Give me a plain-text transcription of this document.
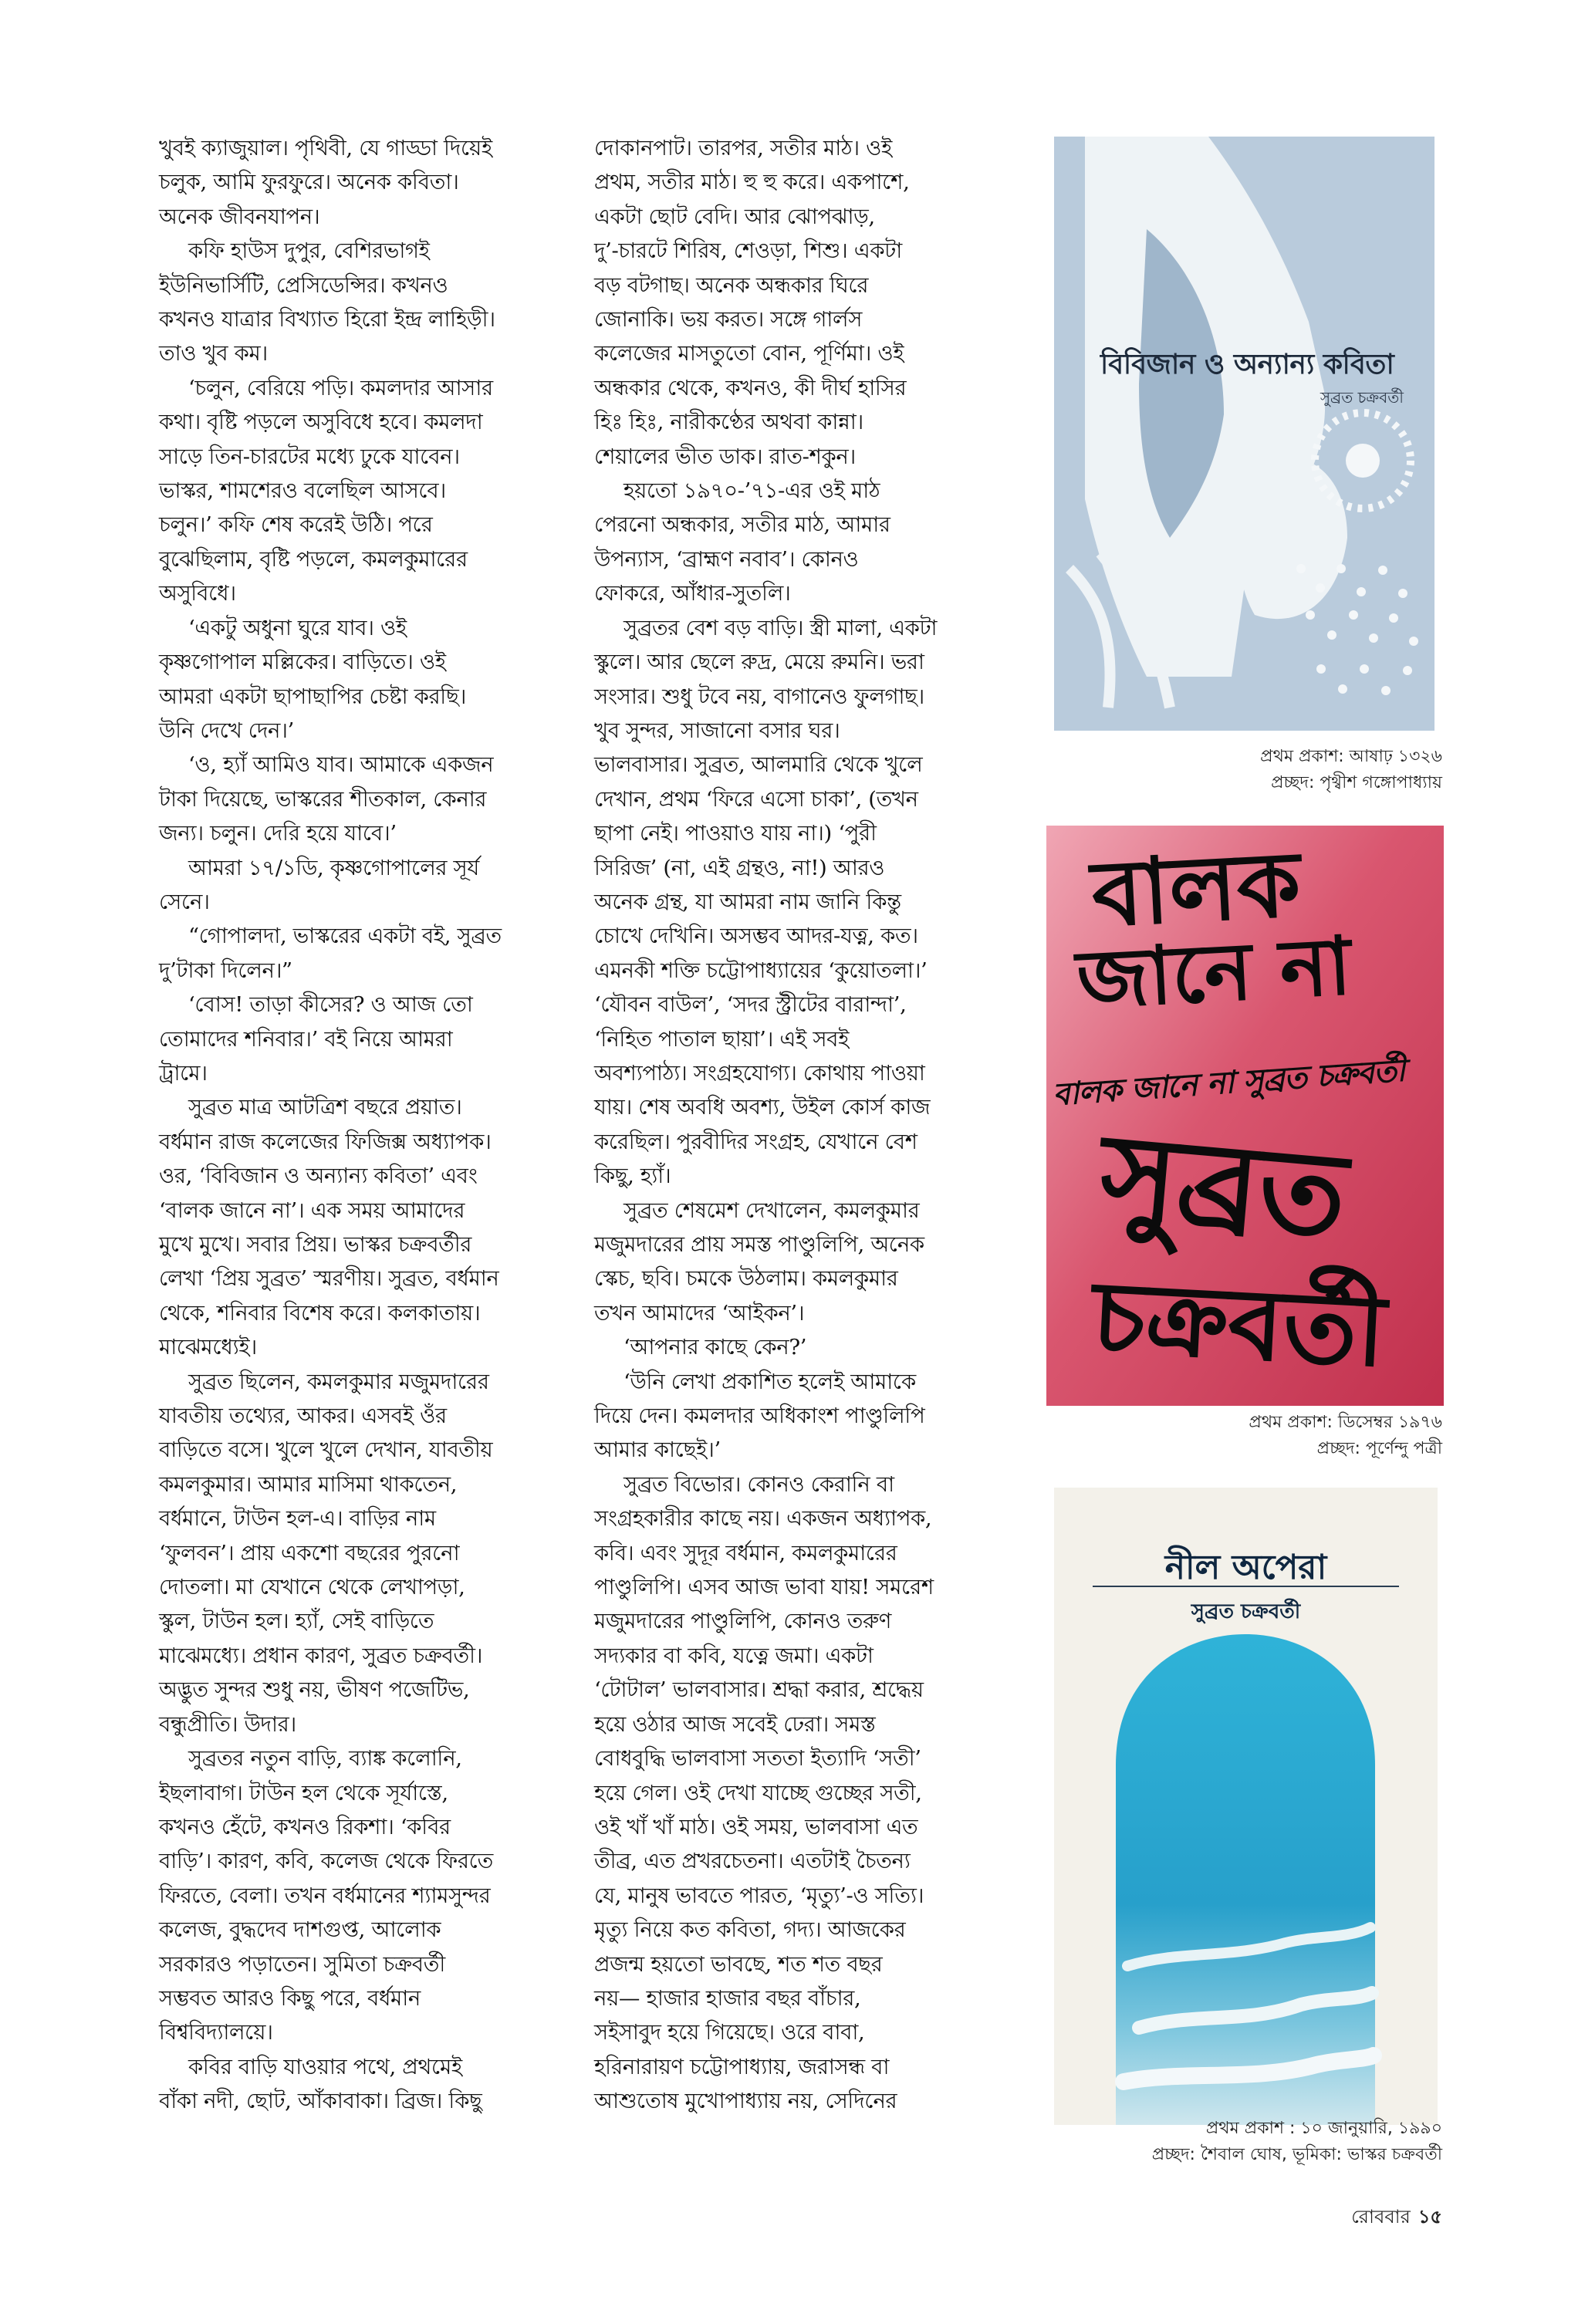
খুবই ক্যাজুয়াল। পৃথিবী, যে গাড্ডা দিয়েই
চলুক, আমি ফুরফুরে। অনেক কবিতা।
অনেক জীবনযাপন।

কফি হাউস দুপুর, বেশিরভাগই
ইউনিভার্সিটি, প্রেসিডেন্সির। কখনও
কখনও যাত্রার বিখ্যাত হিরো ইন্দ্র লাহিড়ী।
তাও খুব কম।

‘চলুন, বেরিয়ে পড়ি। কমলদার আসার
কথা। বৃষ্টি পড়লে অসুবিধে হবে। কমলদা
সাড়ে তিন-চারটের মধ্যে ঢুকে যাবেন।
ভাস্কর, শামশেরও বলেছিল আসবে।
চলুন।’ কফি শেষ করেই উঠি। পরে
বুঝেছিলাম, বৃষ্টি পড়লে, কমলকুমারের
অসুবিধে।

‘একটু অধুনা ঘুরে যাব। ওই
কৃষ্ণগোপাল মল্লিকের। বাড়িতে। ওই
আমরা একটা ছাপাছাপির চেষ্টা করছি।
উনি দেখে দেন।’

‘ও, হ্যাঁ আমিও যাব। আমাকে একজন
টাকা দিয়েছে, ভাস্করের শীতকাল, কেনার
জন্য। চলুন। দেরি হয়ে যাবে।’

আমরা ১৭/১ডি, কৃষ্ণগোপালের সূর্য
সেনে।

“গোপালদা, ভাস্করের একটা বই, সুব্রত
দু’টাকা দিলেন।”

‘বোস! তাড়া কীসের? ও আজ তো
তোমাদের শনিবার।’ বই নিয়ে আমরা
ট্রামে।

সুব্রত মাত্র আটত্রিশ বছরে প্রয়াত।
বর্ধমান রাজ কলেজের ফিজিক্স অধ্যাপক।
ওর, ‘বিবিজান ও অন্যান্য কবিতা’ এবং
‘বালক জানে না’। এক সময় আমাদের
মুখে মুখে। সবার প্রিয়। ভাস্কর চক্রবর্তীর
লেখা ‘প্রিয় সুব্রত’ স্মরণীয়। সুব্রত, বর্ধমান
থেকে, শনিবার বিশেষ করে। কলকাতায়।
মাঝেমধ্যেই।

সুব্রত ছিলেন, কমলকুমার মজুমদারের
যাবতীয় তথ্যের, আকর। এসবই ওঁর
বাড়িতে বসে। খুলে খুলে দেখান, যাবতীয়
কমলকুমার। আমার মাসিমা থাকতেন,
বর্ধমানে, টাউন হল-এ। বাড়ির নাম
‘ফুলবন’। প্রায় একশো বছরের পুরনো
দোতলা। মা যেখানে থেকে লেখাপড়া,
স্কুল, টাউন হল। হ্যাঁ, সেই বাড়িতে
মাঝেমধ্যে। প্রধান কারণ, সুব্রত চক্রবর্তী।
অদ্ভুত সুন্দর শুধু নয়, ভীষণ পজেটিভ,
বন্ধুপ্রীতি। উদার।

সুব্রতর নতুন বাড়ি, ব্যাঙ্ক কলোনি,
ইছলাবাগ। টাউন হল থেকে সূর্যাস্তে,
কখনও হেঁটে, কখনও রিকশা। ‘কবির
বাড়ি’। কারণ, কবি, কলেজ থেকে ফিরতে
ফিরতে, বেলা। তখন বর্ধমানের শ্যামসুন্দর
কলেজ, বুদ্ধদেব দাশগুপ্ত, আলোক
সরকারও পড়াতেন। সুমিতা চক্রবর্তী
সম্ভবত আরও কিছু পরে, বর্ধমান
বিশ্ববিদ্যালয়ে।

কবির বাড়ি যাওয়ার পথে, প্রথমেই
বাঁকা নদী, ছোট, আঁকাবাকা। ব্রিজ। কিছু

দোকানপাট। তারপর, সতীর মাঠ। ওই
প্রথম, সতীর মাঠ। হু হু করে। একপাশে,
একটা ছোট বেদি। আর ঝোপঝাড়,
দু’-চারটে শিরিষ, শেওড়া, শিশু। একটা
বড় বটগাছ। অনেক অন্ধকার ঘিরে
জোনাকি। ভয় করত। সঙ্গে গার্লস
কলেজের মাসতুতো বোন, পূর্ণিমা। ওই
অন্ধকার থেকে, কখনও, কী দীর্ঘ হাসির
হিঃ হিঃ, নারীকণ্ঠের অথবা কান্না।
শেয়ালের ভীত ডাক। রাত-শকুন।

হয়তো ১৯৭০-’৭১-এর ওই মাঠ
পেরনো অন্ধকার, সতীর মাঠ, আমার
উপন্যাস, ‘ব্রাহ্মণ নবাব’। কোনও
ফোকরে, আঁধার-সুতলি।

সুব্রতর বেশ বড় বাড়ি। স্ত্রী মালা, একটা
স্কুলে। আর ছেলে রুদ্র, মেয়ে রুমনি। ভরা
সংসার। শুধু টবে নয়, বাগানেও ফুলগাছ।
খুব সুন্দর, সাজানো বসার ঘর।
ভালবাসার। সুব্রত, আলমারি থেকে খুলে
দেখান, প্রথম ‘ফিরে এসো চাকা’, (তখন
ছাপা নেই। পাওয়াও যায় না।) ‘পুরী
সিরিজ’ (না, এই গ্রন্থও, না!) আরও
অনেক গ্রন্থ, যা আমরা নাম জানি কিন্তু
চোখে দেখিনি। অসম্ভব আদর-যত্ন, কত।
এমনকী শক্তি চট্টোপাধ্যায়ের ‘কুয়োতলা।’
‘যৌবন বাউল’, ‘সদর স্ট্রীটের বারান্দা’,
‘নিহিত পাতাল ছায়া’। এই সবই
অবশ্যপাঠ্য। সংগ্রহযোগ্য। কোথায় পাওয়া
যায়। শেষ অবধি অবশ্য, উইল কোর্স কাজ
করেছিল। পুরবীদির সংগ্রহ, যেখানে বেশ
কিছু, হ্যাঁ।

সুব্রত শেষমেশ দেখালেন, কমলকুমার
মজুমদারের প্রায় সমস্ত পাণ্ডুলিপি, অনেক
স্কেচ, ছবি। চমকে উঠলাম। কমলকুমার
তখন আমাদের ‘আইকন’।

‘আপনার কাছে কেন?’

‘উনি লেখা প্রকাশিত হলেই আমাকে
দিয়ে দেন। কমলদার অধিকাংশ পাণ্ডুলিপি
আমার কাছেই।’

সুব্রত বিভোর। কোনও কেরানি বা
সংগ্রহকারীর কাছে নয়। একজন অধ্যাপক,
কবি। এবং সুদূর বর্ধমান, কমলকুমারের
পাণ্ডুলিপি। এসব আজ ভাবা যায়! সমরেশ
মজুমদারের পাণ্ডুলিপি, কোনও তরুণ
সদ্যকার বা কবি, যত্নে জমা। একটা
‘টোটাল’ ভালবাসার। শ্রদ্ধা করার, শ্রদ্ধেয়
হয়ে ওঠার আজ সবেই ঢেরা। সমস্ত
বোধবুদ্ধি ভালবাসা সততা ইত্যাদি ‘সতী’
হয়ে গেল। ওই দেখা যাচ্ছে গুচ্ছের সতী,
ওই খাঁ খাঁ মাঠ। ওই সময়, ভালবাসা এত
তীব্র, এত প্রখরচেতনা। এতটাই চৈতন্য
যে, মানুষ ভাবতে পারত, ‘মৃত্যু’-ও সত্যি।
মৃত্যু নিয়ে কত কবিতা, গদ্য। আজকের
প্রজন্ম হয়তো ভাবছে, শত শত বছর
নয়— হাজার হাজার বছর বাঁচার,
সইসাবুদ হয়ে গিয়েছে। ওরে বাবা,
হরিনারায়ণ চট্টোপাধ্যায়, জরাসন্ধ বা
আশুতোষ মুখোপাধ্যায় নয়, সেদিনের

বিবিজান ও অন্যান্য কবিতা
সুব্রত চক্রবর্তী
প্রথম প্রকাশ: আষাঢ় ১৩২৬
প্রচ্ছদ: পৃথ্বীশ গঙ্গোপাধ্যায়
বালক
জানে না
সুব্রত
চক্রবর্তী
বালক জানে না সুব্রত চক্রবর্তী
প্রথম প্রকাশ: ডিসেম্বর ১৯৭৬
প্রচ্ছদ: পূর্ণেন্দু পত্রী
নীল অপেরা
সুব্রত চক্রবর্তী
প্রথম প্রকাশ : ১০ জানুয়ারি, ১৯৯০
প্রচ্ছদ: শৈবাল ঘোষ, ভূমিকা: ভাস্কর চক্রবর্তী
রোববার ১৫
